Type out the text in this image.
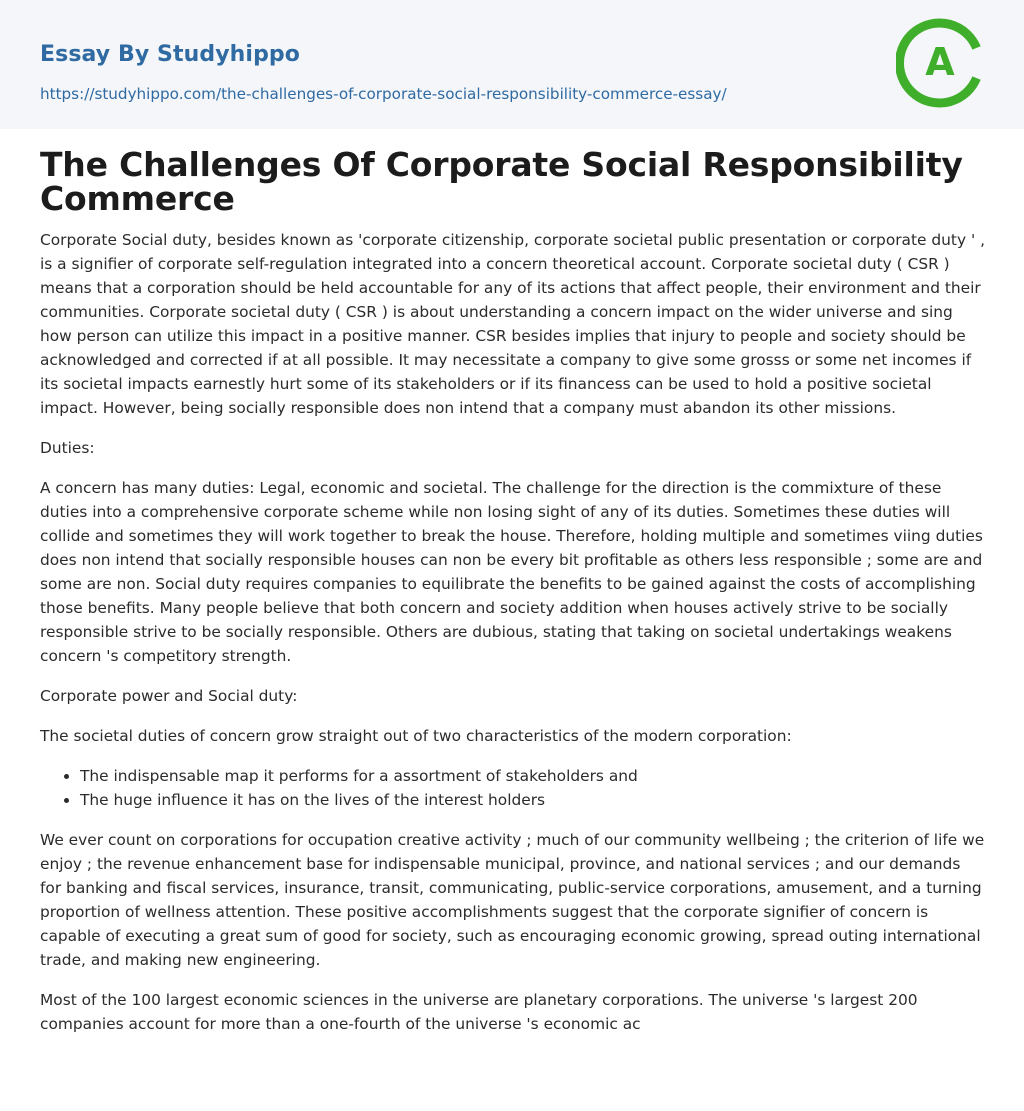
Essay By Studyhippo
https://studyhippo.com/the-challenges-of-corporate-social-responsibility-commerce-essay/
A
The Challenges Of Corporate Social Responsibility Commerce

Corporate Social duty, besides known as 'corporate citizenship, corporate societal public presentation or corporate duty ' , is a signifier of corporate self-regulation integrated into a concern theoretical account. Corporate societal duty ( CSR ) means that a corporation should be held accountable for any of its actions that affect people, their environment and their communities. Corporate societal duty ( CSR ) is about understanding a concern impact on the wider universe and sing how person can utilize this impact in a positive manner. CSR besides implies that injury to people and society should be acknowledged and corrected if at all possible. It may necessitate a company to give some grosss or some net incomes if its societal impacts earnestly hurt some of its stakeholders or if its financess can be used to hold a positive societal impact. However, being socially responsible does non intend that a company must abandon its other missions.

Duties:

A concern has many duties: Legal, economic and societal. The challenge for the direction is the commixture of these duties into a comprehensive corporate scheme while non losing sight of any of its duties. Sometimes these duties will collide and sometimes they will work together to break the house. Therefore, holding multiple and sometimes viing duties does non intend that socially responsible houses can non be every bit profitable as others less responsible ; some are and some are non. Social duty requires companies to equilibrate the benefits to be gained against the costs of accomplishing those benefits. Many people believe that both concern and society addition when houses actively strive to be socially responsible strive to be socially responsible. Others are dubious, stating that taking on societal undertakings weakens concern 's competitory strength.

Corporate power and Social duty:

The societal duties of concern grow straight out of two characteristics of the modern corporation:

• The indispensable map it performs for a assortment of stakeholders and
• The huge influence it has on the lives of the interest holders

We ever count on corporations for occupation creative activity ; much of our community wellbeing ; the criterion of life we enjoy ; the revenue enhancement base for indispensable municipal, province, and national services ; and our demands for banking and fiscal services, insurance, transit, communicating, public-service corporations, amusement, and a turning proportion of wellness attention. These positive accomplishments suggest that the corporate signifier of concern is capable of executing a great sum of good for society, such as encouraging economic growing, spread outing international trade, and making new engineering.

Most of the 100 largest economic sciences in the universe are planetary corporations. The universe 's largest 200 companies account for more than a one-fourth of the universe 's economic ac
